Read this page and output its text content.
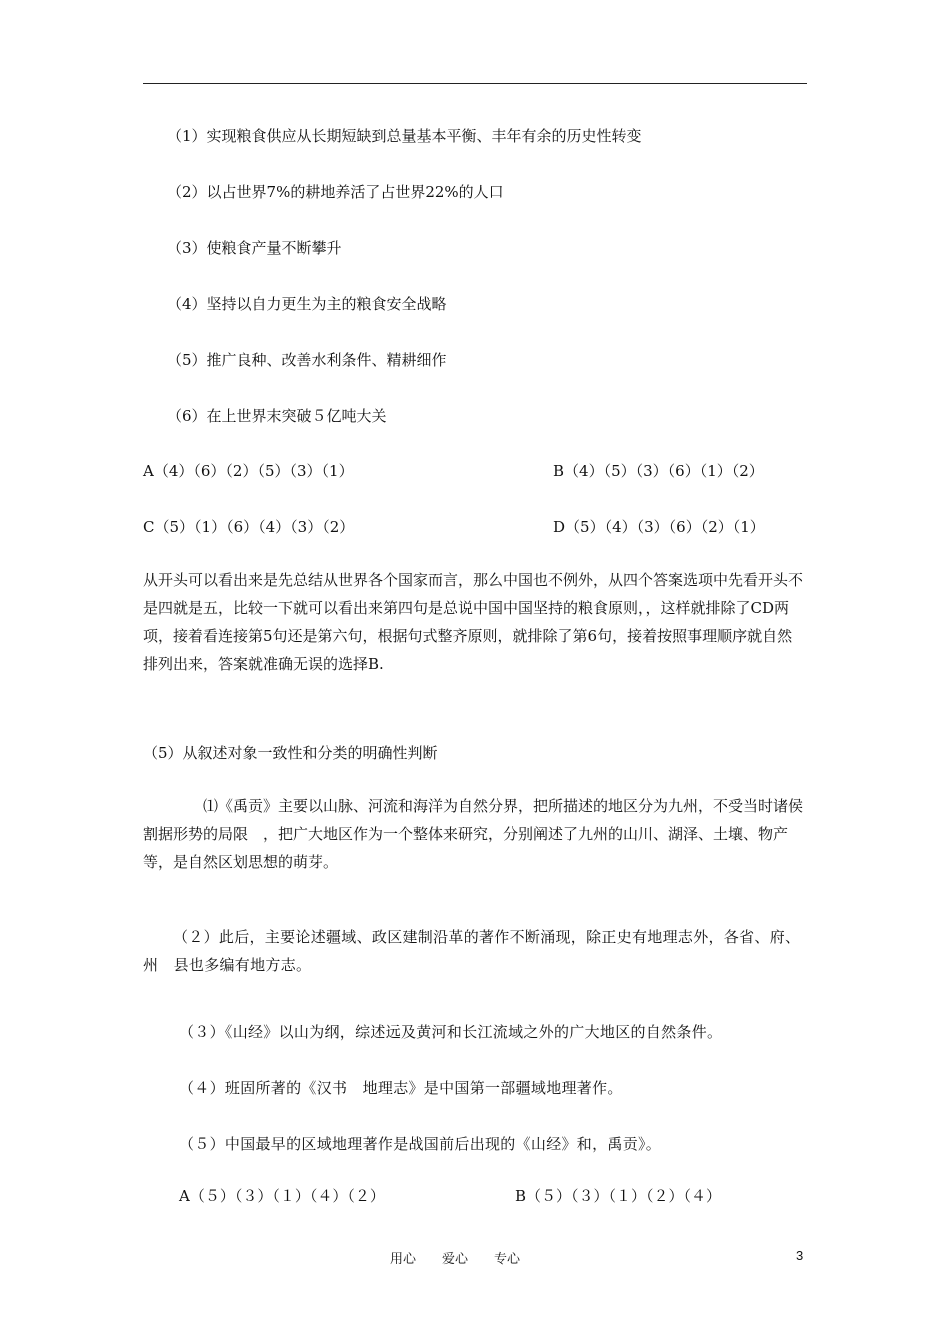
（1）实现粮食供应从长期短缺到总量基本平衡、丰年有余的历史性转变
（2）以占世界7%的耕地养活了占世界22%的人口
（3）使粮食产量不断攀升
（4）坚持以自力更生为主的粮食安全战略
（5）推广良种、改善水利条件、精耕细作
（6）在上世界末突破５亿吨大关
A（4）（6）（2）（5）（3）（1）	B（4）（5）（3）（6）（1）（2）
C（5）（1）（6）（4）（3）（2）	D（5）（4）（3）（6）（2）（1）
从开头可以看出来是先总结从世界各个国家而言，那么中国也不例外，从四个答案选项中先看开头不是四就是五，比较一下就可以看出来第四句是总说中国中国坚持的粮食原则，，这样就排除了CD两项，接着看连接第5句还是第六句，根据句式整齐原则，就排除了第6句，接着按照事理顺序就自然排列出来，答案就准确无误的选择B.
（5）从叙述对象一致性和分类的明确性判断
⑴《禹贡》主要以山脉、河流和海洋为自然分界，把所描述的地区分为九州，不受当时诸侯割据形势的局限　，把广大地区作为一个整体来研究，分别阐述了九州的山川、湖泽、土壤、物产等，是自然区划思想的萌芽。
（２）此后，主要论述疆域、政区建制沿革的著作不断涌现，除正史有地理志外，各省、府、州　县也多编有地方志。
（３）《山经》以山为纲，综述远及黄河和长江流域之外的广大地区的自然条件。
（４）班固所著的《汉书　地理志》是中国第一部疆域地理著作。
（５）中国最早的区域地理著作是战国前后出现的《山经》和，禹贡》。
A（５）（３）（１）（４）（２）	B（５）（３）（１）（２）（４）
用心　　爱心　　专心	3
